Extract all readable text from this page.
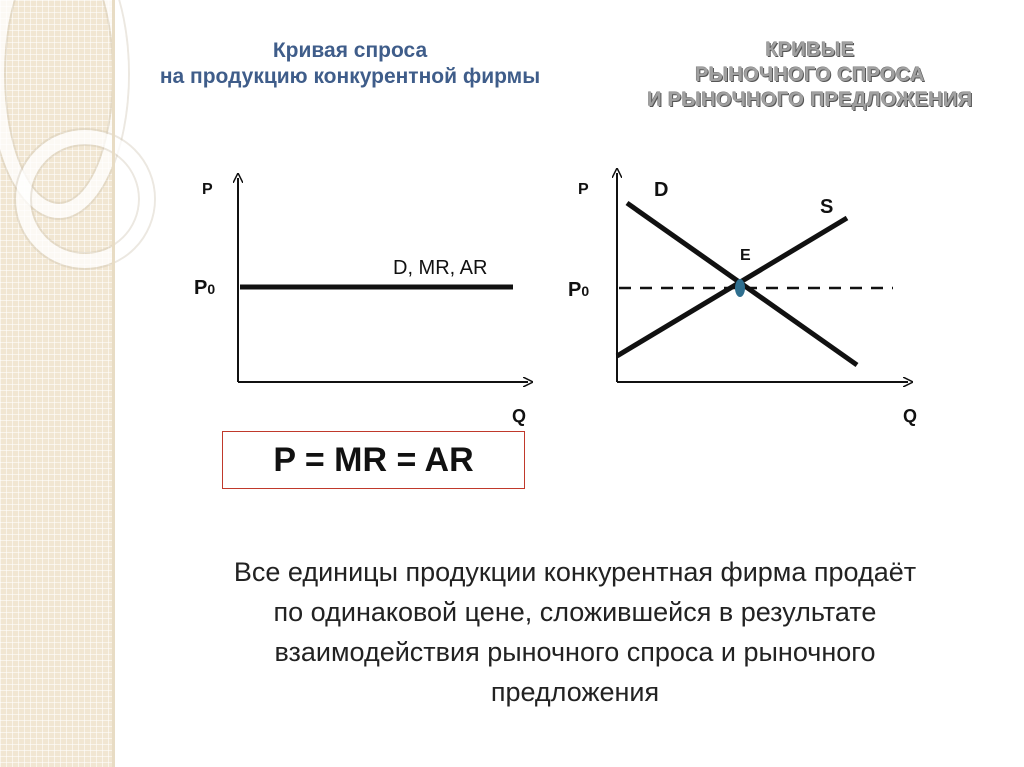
Кривая спроса
на продукцию конкурентной фирмы
КРИВЫЕ
РЫНОЧНОГО СПРОСА
И РЫНОЧНОГО ПРЕДЛОЖЕНИЯ
P
Q
P0
D, MR, AR
P
Q
P0
D
S
E
P = MR = AR
Все единицы продукции конкурентная фирма продаёт
по одинаковой цене, сложившейся в результате
взаимодействия рыночного спроса и рыночного
предложения
